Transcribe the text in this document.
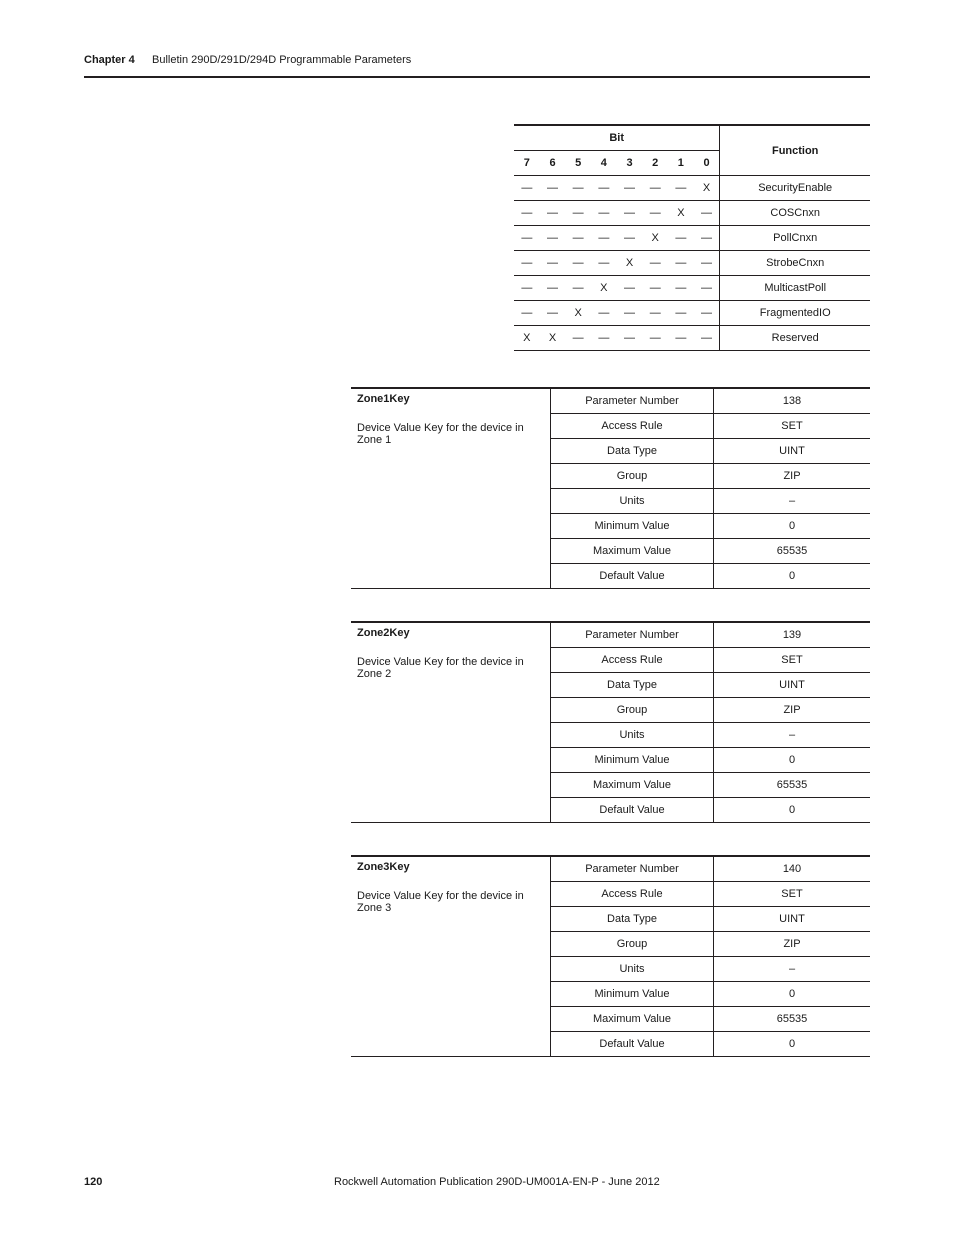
Chapter 4 Bulletin 290D/291D/294D Programmable Parameters
Bit								Function
7	6	5	4	3	2	1	0	
—	—	—	—	—	—	—	X	SecurityEnable
—	—	—	—	—	—	X	—	COSCnxn
—	—	—	—	—	X	—	—	PollCnxn
—	—	—	—	X	—	—	—	StrobeCnxn
—	—	—	X	—	—	—	—	MulticastPoll
—	—	X	—	—	—	—	—	FragmentedIO
X	X	—	—	—	—	—	—	Reserved
Zone1Key
Device Value Key for the device in Zone 1	Parameter Number	138
	Access Rule	SET
	Data Type	UINT
	Group	ZIP
	Units	–
	Minimum Value	0
	Maximum Value	65535
	Default Value	0
Zone2Key
Device Value Key for the device in Zone 2	Parameter Number	139
	Access Rule	SET
	Data Type	UINT
	Group	ZIP
	Units	–
	Minimum Value	0
	Maximum Value	65535
	Default Value	0
Zone3Key
Device Value Key for the device in Zone 3	Parameter Number	140
	Access Rule	SET
	Data Type	UINT
	Group	ZIP
	Units	–
	Minimum Value	0
	Maximum Value	65535
	Default Value	0
120	Rockwell Automation Publication 290D-UM001A-EN-P - June 2012
